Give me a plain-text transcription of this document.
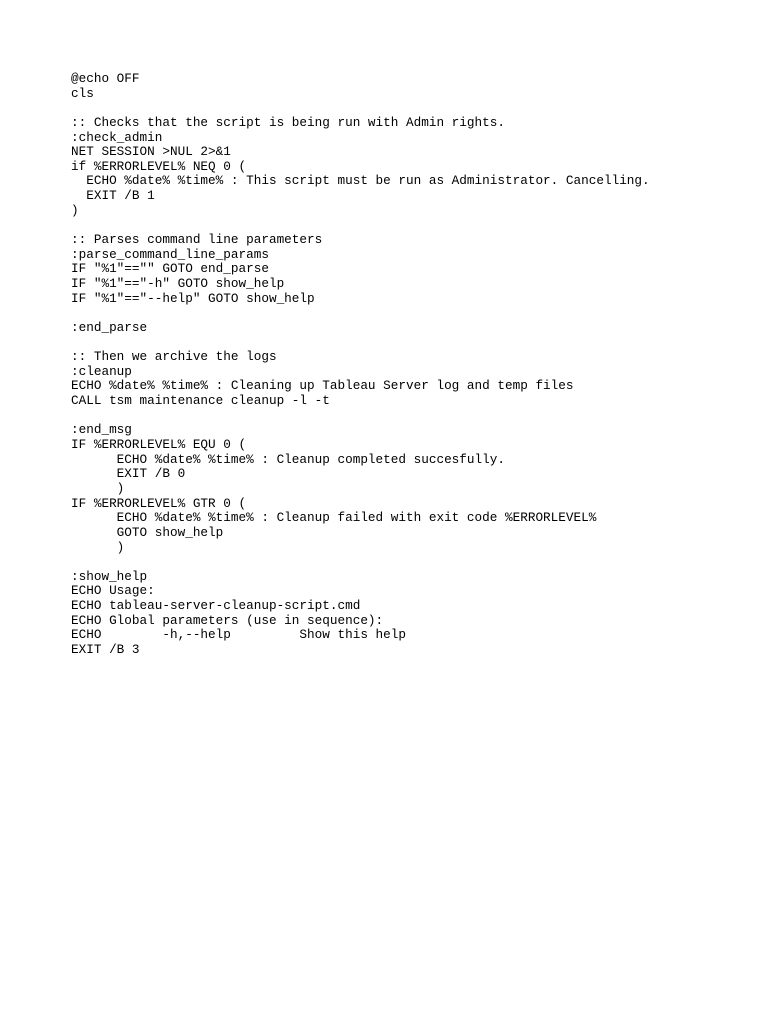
@echo OFF
cls
:: Checks that the script is being run with Admin rights.
:check_admin
NET SESSION >NUL 2>&1
if %ERRORLEVEL% NEQ 0 (
ECHO %date% %time% : This script must be run as Administrator. Cancelling.
EXIT /B 1
)
:: Parses command line parameters
:parse_command_line_params
IF "%1"=="" GOTO end_parse
IF "%1"=="-h" GOTO show_help
IF "%1"=="--help" GOTO show_help
:end_parse
:: Then we archive the logs
:cleanup
ECHO %date% %time% : Cleaning up Tableau Server log and temp files
CALL tsm maintenance cleanup -l -t
:end_msg
IF %ERRORLEVEL% EQU 0 (
ECHO %date% %time% : Cleanup completed succesfully.
EXIT /B 0
)
IF %ERRORLEVEL% GTR 0 (
ECHO %date% %time% : Cleanup failed with exit code %ERRORLEVEL%
GOTO show_help
)
:show_help
ECHO Usage:
ECHO tableau-server-cleanup-script.cmd
ECHO Global parameters (use in sequence):
ECHO        -h,--help         Show this help
EXIT /B 3
